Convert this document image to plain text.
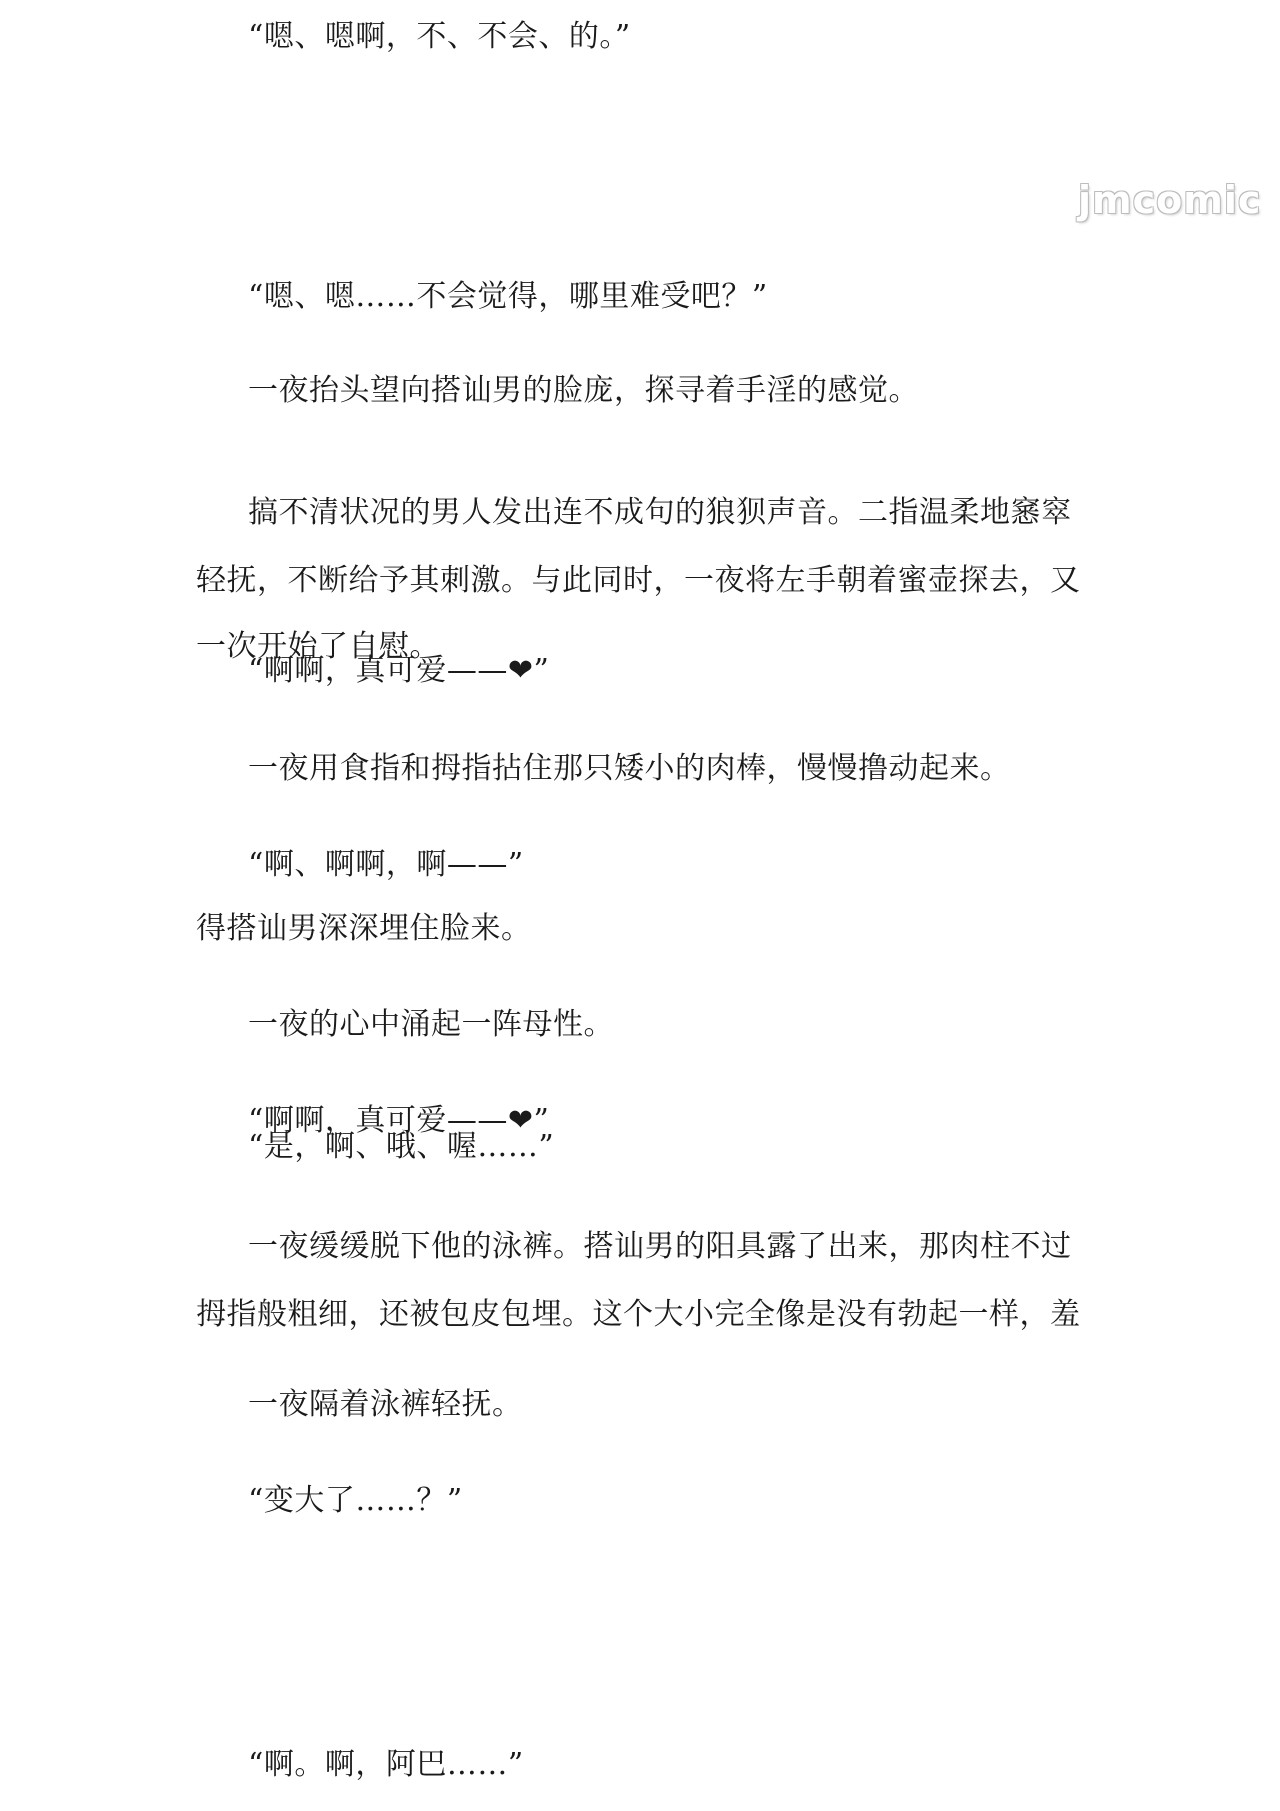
“嗯、嗯啊，不、不会、的。”
jmcomic
“嗯、嗯……不会觉得，哪里难受吧？”
一夜抬头望向搭讪男的脸庞，探寻着手淫的感觉。
搞不清状况的男人发出连不成句的狼狈声音。二指温柔地窸窣
轻抚，不断给予其刺激。与此同时，一夜将左手朝着蜜壶探去，又
一次开始了自慰。
“啊啊，真可爱——❤”
一夜用食指和拇指拈住那只矮小的肉棒，慢慢撸动起来。
“啊、啊啊，啊——”
得搭讪男深深埋住脸来。
一夜的心中涌起一阵母性。
“啊啊，真可爱——❤”
“是，啊、哦、喔……”
一夜缓缓脱下他的泳裤。搭讪男的阳具露了出来，那肉柱不过
拇指般粗细，还被包皮包埋。这个大小完全像是没有勃起一样，羞
一夜隔着泳裤轻抚。
“变大了……？”
“啊。啊，阿巴……”
